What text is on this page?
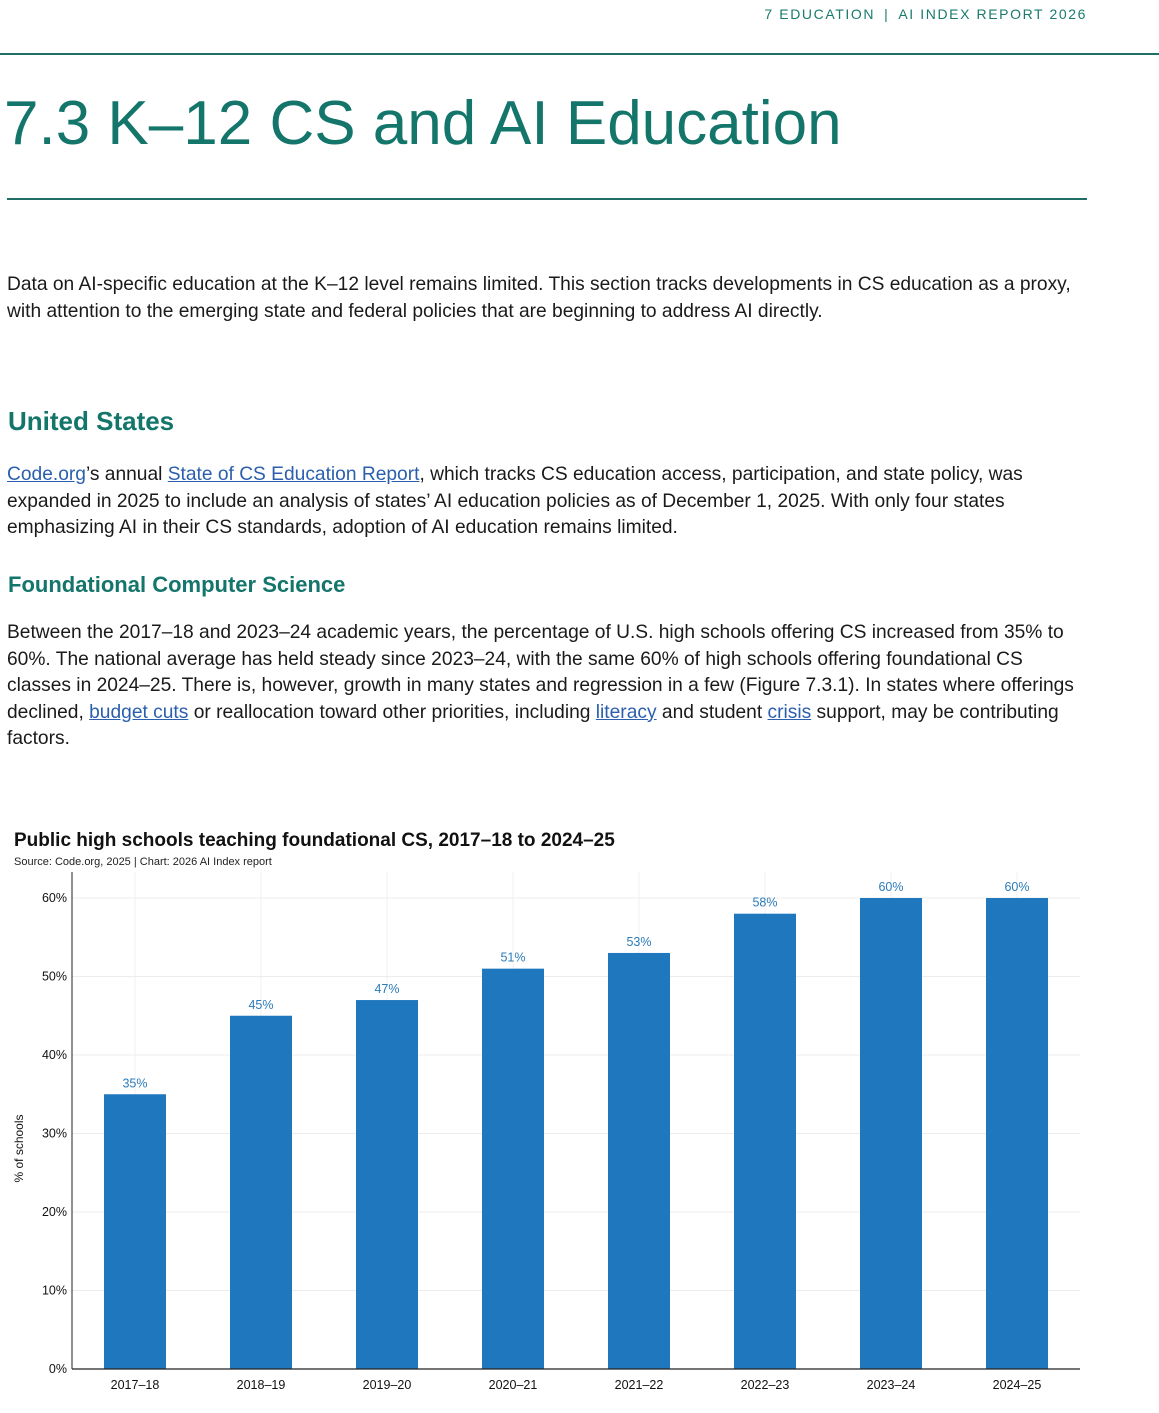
7 EDUCATION | AI INDEX REPORT 2026
7.3 K–12 CS and AI Education

Data on AI-specific education at the K–12 level remains limited. This section tracks developments in CS education as a proxy, with attention to the emerging state and federal policies that are beginning to address AI directly.

United States

Code.org’s annual State of CS Education Report, which tracks CS education access, participation, and state policy, was expanded in 2025 to include an analysis of states’ AI education policies as of December 1, 2025. With only four states emphasizing AI in their CS standards, adoption of AI education remains limited.

Foundational Computer Science

Between the 2017–18 and 2023–24 academic years, the percentage of U.S. high schools offering CS increased from 35% to 60%. The national average has held steady since 2023–24, with the same 60% of high schools offering foundational CS classes in 2024–25. There is, however, growth in many states and regression in a few (Figure 7.3.1). In states where offerings declined, budget cuts or reallocation toward other priorities, including literacy and student crisis support, may be contributing factors.

Public high schools teaching foundational CS, 2017–18 to 2024–25
Source: Code.org, 2025 | Chart: 2026 AI Index report
35%
2017–18
45%
2018–19
47%
2019–20
51%
2020–21
53%
2021–22
58%
2022–23
60%
2023–24
60%
2024–25
0%
10%
20%
30%
40%
50%
60%
% of schools
